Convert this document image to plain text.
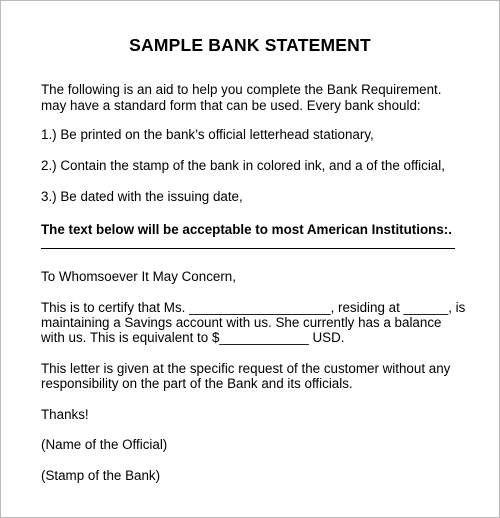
SAMPLE BANK STATEMENT
The following is an aid to help you complete the Bank Requirement.
may have a standard form that can be used. Every bank should:
1.) Be printed on the bank’s official letterhead stationary,
2.) Contain the stamp of the bank in colored ink, and a of the official,
3.) Be dated with the issuing date,
The text below will be acceptable to most American Institutions:.
To Whomsoever It May Concern,
This is to certify that Ms. ___________________, residing at ______, is
maintaining a Savings account with us. She currently has a balance
with us. This is equivalent to $____________ USD.
This letter is given at the specific request of the customer without any
responsibility on the part of the Bank and its officials.
Thanks!
(Name of the Official)
(Stamp of the Bank)
